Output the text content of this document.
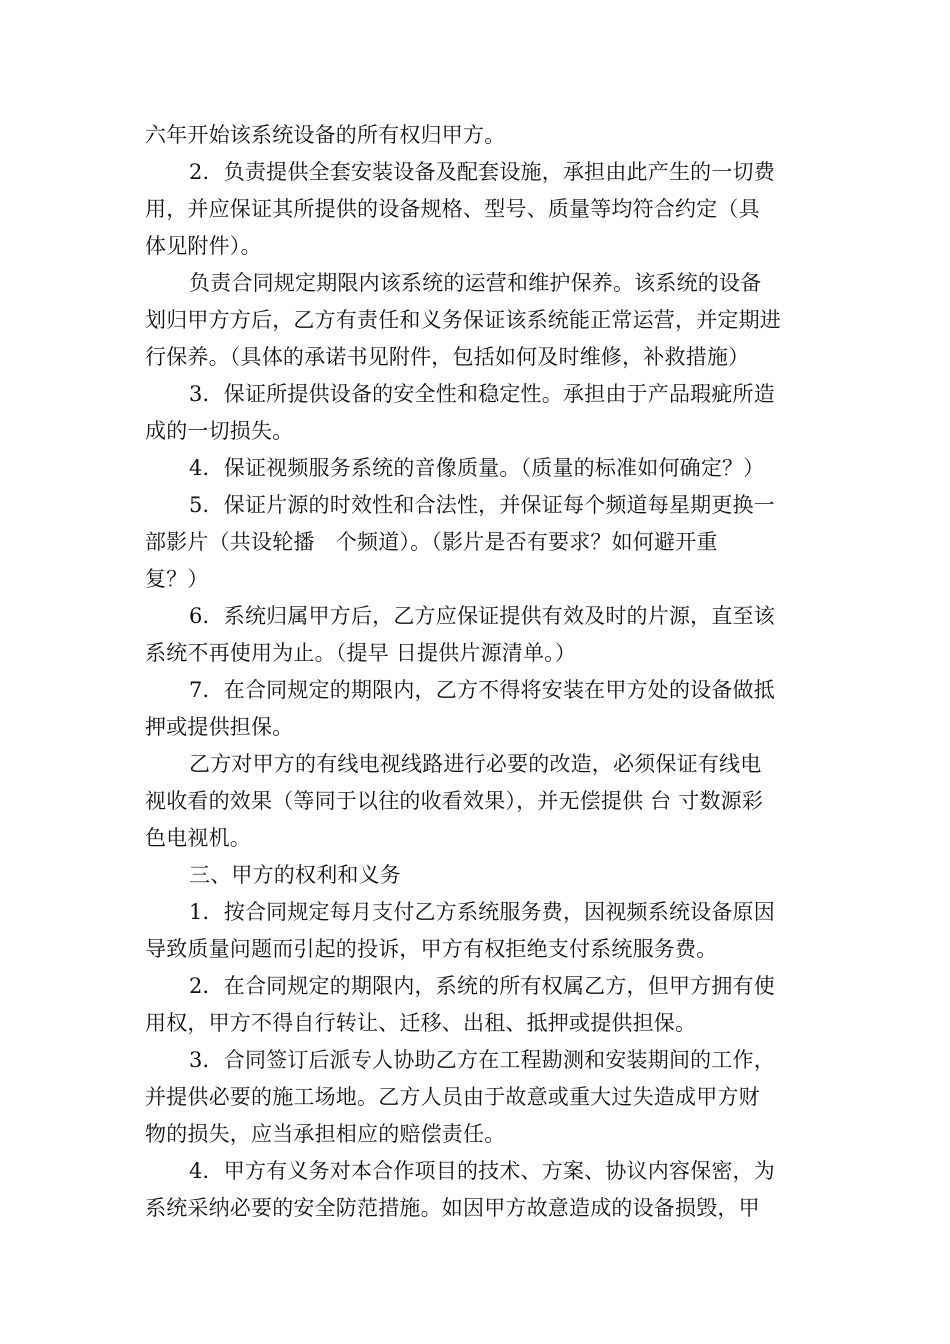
六年开始该系统设备的所有权归甲方。
2．负责提供全套安装设备及配套设施，承担由此产生的一切费
用，并应保证其所提供的设备规格、型号、质量等均符合约定（具
体见附件）。
负责合同规定期限内该系统的运营和维护保养。该系统的设备
划归甲方方后，乙方有责任和义务保证该系统能正常运营，并定期进
行保养。（具体的承诺书见附件，包括如何及时维修，补救措施）
3．保证所提供设备的安全性和稳定性。承担由于产品瑕疵所造
成的一切损失。
4．保证视频服务系统的音像质量。（质量的标准如何确定？）
5．保证片源的时效性和合法性，并保证每个频道每星期更换一
部影片（共设轮播　个频道）。（影片是否有要求？如何避开重
复？）
6．系统归属甲方后，乙方应保证提供有效及时的片源，直至该
系统不再使用为止。（提早 日提供片源清单。）
7．在合同规定的期限内，乙方不得将安装在甲方处的设备做抵
押或提供担保。
乙方对甲方的有线电视线路进行必要的改造，必须保证有线电
视收看的效果（等同于以往的收看效果），并无偿提供 台 寸数源彩
色电视机。
三、甲方的权利和义务
1．按合同规定每月支付乙方系统服务费，因视频系统设备原因
导致质量问题而引起的投诉，甲方有权拒绝支付系统服务费。
2．在合同规定的期限内，系统的所有权属乙方，但甲方拥有使
用权，甲方不得自行转让、迁移、出租、抵押或提供担保。
3．合同签订后派专人协助乙方在工程勘测和安装期间的工作，
并提供必要的施工场地。乙方人员由于故意或重大过失造成甲方财
物的损失，应当承担相应的赔偿责任。
4．甲方有义务对本合作项目的技术、方案、协议内容保密，为
系统采纳必要的安全防范措施。如因甲方故意造成的设备损毁，甲
